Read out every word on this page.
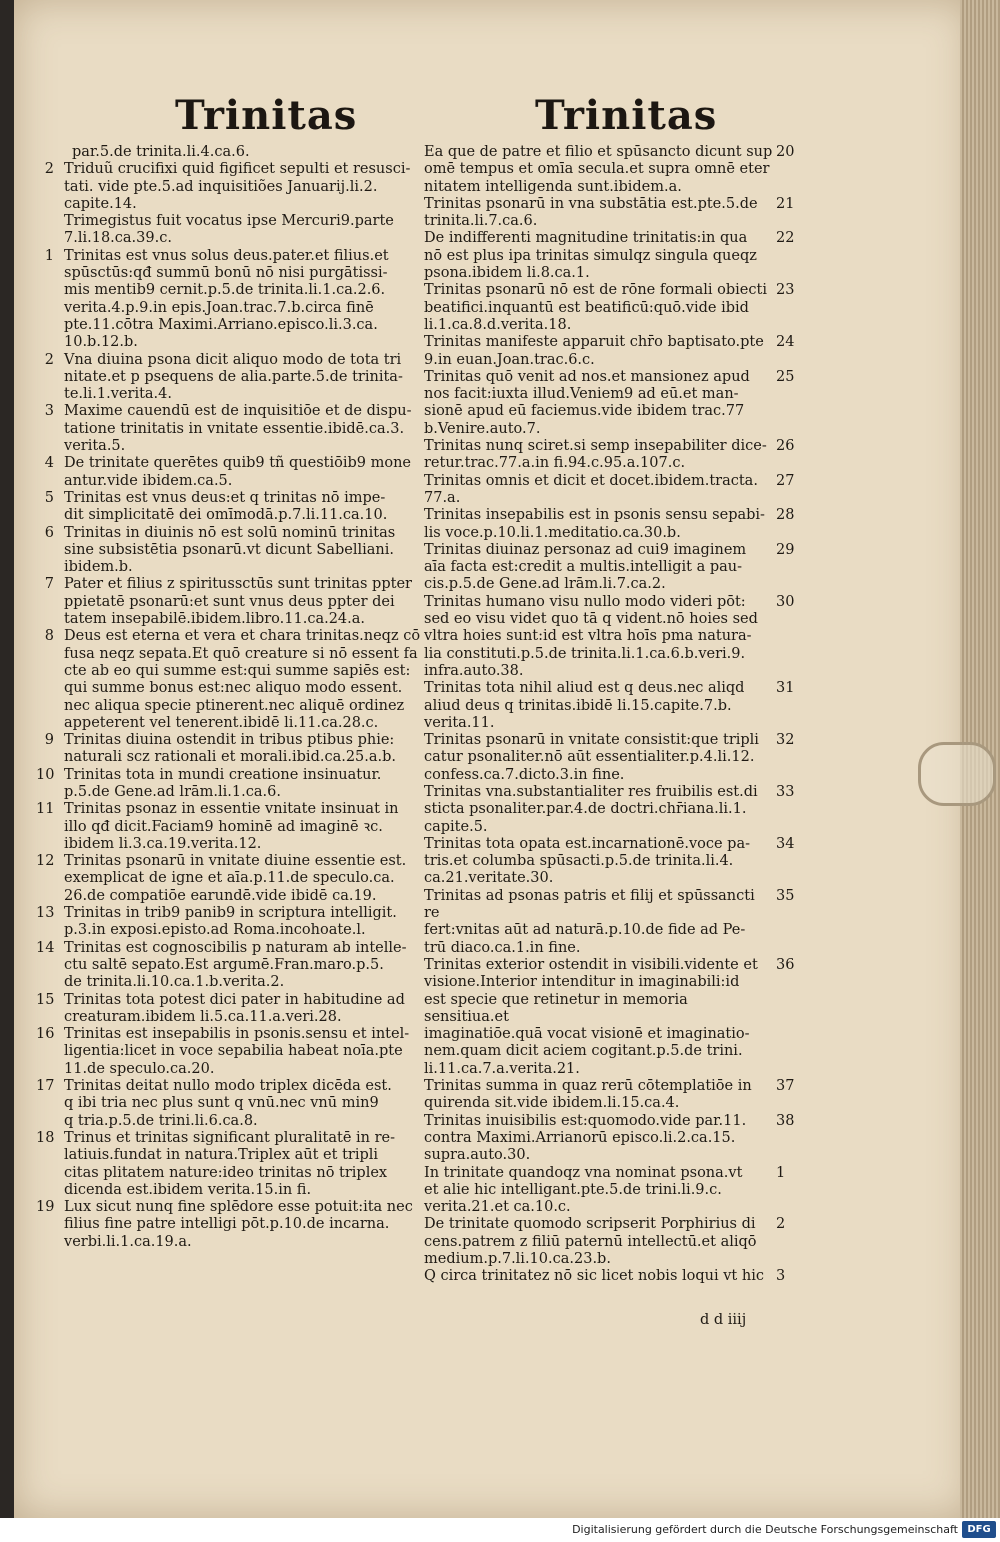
Trinitas	Trinitas
par.5.de trinita.li.4.ca.6.
2 Triduũ crucifixi quid figificet sepulti et resusci-
tati. vide pte.5.ad inquisitiões Januarij.li.2.
capite.14.
Trimegistus fuit vocatus ipse Mercuri9.parte
7.li.18.ca.39.c.
1 Trinitas est vnus solus deus.pater.et filius.et
spūsctūs:qđ summū bonū nō nisi purgātissi-
mis mentib9 cernit.p.5.de trinita.li.1.ca.2.6.
verita.4.p.9.in epis.Joan.trac.7.b.circa finē
pte.11.cōtra Maximi.Arriano.episco.li.3.ca.
10.b.12.b.
2 Vna diuina psona dicit aliquo modo de tota tri
nitate.et p psequens de alia.parte.5.de trinita-
te.li.1.verita.4.
3 Maxime cauendū est de inquisitiōe et de dispu-
tatione trinitatis in vnitate essentie.ibidē.ca.3.
verita.5.
4 De trinitate querētes quib9 tñ questiōib9 mone
antur.vide ibidem.ca.5.
5 Trinitas est vnus deus:et q trinitas nō impe-
dit simplicitatē dei omīmodā.p.7.li.11.ca.10.
6 Trinitas in diuinis nō est solū nominū trinitas
sine subsistētia psonarū.vt dicunt Sabelliani.
ibidem.b.
7 Pater et filius z spiritussctūs sunt trinitas ppter
ppietatē psonarū:et sunt vnus deus ppter dei
tatem insepabilē.ibidem.libro.11.ca.24.a.
8 Deus est eterna et vera et chara trinitas.neqz cō
fusa neqz sepata.Et quō creature si nō essent fa
cte ab eo qui summe est:qui summe sapiēs est:
qui summe bonus est:nec aliquo modo essent.
nec aliqua specie ptinerent.nec aliquē ordinez
appeterent vel tenerent.ibidē li.11.ca.28.c.
9 Trinitas diuina ostendit in tribus ptibus phie:
naturali scz rationali et morali.ibid.ca.25.a.b.
10 Trinitas tota in mundi creatione insinuatur.
p.5.de Gene.ad lrām.li.1.ca.6.
11 Trinitas psonaz in essentie vnitate insinuat in
illo qđ dicit.Faciam9 hominē ad imaginē ꝛc.
ibidem li.3.ca.19.verita.12.
12 Trinitas psonarū in vnitate diuine essentie est.
exemplicat de igne et aīa.p.11.de speculo.ca.
26.de compatiōe earundē.vide ibidē ca.19.
13 Trinitas in trib9 panib9 in scriptura intelligit.
p.3.in exposi.episto.ad Roma.incohoate.l.
14 Trinitas est cognoscibilis p naturam ab intelle-
ctu saltē sepato.Est argumē.Fran.maro.p.5.
de trinita.li.10.ca.1.b.verita.2.
15 Trinitas tota potest dici pater in habitudine ad
creaturam.ibidem li.5.ca.11.a.veri.28.
16 Trinitas est insepabilis in psonis.sensu et intel-
ligentia:licet in voce sepabilia habeat noīa.pte
11.de speculo.ca.20.
17 Trinitas deitat nullo modo triplex dicēda est.
q ibi tria nec plus sunt q vnū.nec vnū min9
q tria.p.5.de trini.li.6.ca.8.
18 Trinus et trinitas significant pluralitatē in re-
latiuis.fundat in natura.Triplex aūt et tripli
citas plitatem nature:ideo trinitas nō triplex
dicenda est.ibidem verita.15.in fi.
19 Lux sicut nunq fine splēdore esse potuit:ita nec
filius fine patre intelligi pōt.p.10.de incarna.
verbi.li.1.ca.19.a.
20
Ea que de patre et filio et spūsancto dicunt sup
omē tempus et omīa secula.et supra omnē eter
nitatem intelligenda sunt.ibidem.a.
21
Trinitas psonarū in vna substātia est.pte.5.de
trinita.li.7.ca.6.
22
De indifferenti magnitudine trinitatis:in qua
nō est plus ipa trinitas simulqz singula queqz
psona.ibidem li.8.ca.1.
23
Trinitas psonarū nō est de rōne formali obiecti
beatifici.inquantū est beatificū:quō.vide ibid
li.1.ca.8.d.verita.18.
24
Trinitas manifeste apparuit chr̄o baptisato.pte
9.in euan.Joan.trac.6.c.
25
Trinitas quō venit ad nos.et mansionez apud
nos facit:iuxta illud.Veniem9 ad eū.et man-
sionē apud eū faciemus.vide ibidem trac.77
b.Venire.auto.7.
26
Trinitas nunq sciret.si semp insepabiliter dice-
retur.trac.77.a.in fi.94.c.95.a.107.c.
27
Trinitas omnis et dicit et docet.ibidem.tracta.
77.a.
28
Trinitas insepabilis est in psonis sensu sepabi-
lis voce.p.10.li.1.meditatio.ca.30.b.
29
Trinitas diuinaz personaz ad cui9 imaginem
aīa facta est:credit a multis.intelligit a pau-
cis.p.5.de Gene.ad lrām.li.7.ca.2.
30
Trinitas humano visu nullo modo videri pōt:
sed eo visu videt quo tā q vident.nō hoies sed
vltra hoies sunt:id est vltra hoīs pma natura-
lia constituti.p.5.de trinita.li.1.ca.6.b.veri.9.
infra.auto.38.
31
Trinitas tota nihil aliud est q deus.nec aliqd
aliud deus q trinitas.ibidē li.15.capite.7.b.
verita.11.
32
Trinitas psonarū in vnitate consistit:que tripli
catur psonaliter.nō aūt essentialiter.p.4.li.12.
confess.ca.7.dicto.3.in fine.
33
Trinitas vna.substantialiter res fruibilis est.di
sticta psonaliter.par.4.de doctri.chr̄iana.li.1.
capite.5.
34
Trinitas tota opata est.incarnationē.voce pa-
tris.et columba spūsacti.p.5.de trinita.li.4.
ca.21.veritate.30.
35
Trinitas ad psonas patris et filij et spūssancti re
fert:vnitas aūt ad naturā.p.10.de fide ad Pe-
trū diaco.ca.1.in fine.
36
Trinitas exterior ostendit in visibili.vidente et
visione.Interior intenditur in imaginabili:id
est specie que retinetur in memoria sensitiua.et
imaginatiōe.quā vocat visionē et imaginatio-
nem.quam dicit aciem cogitant.p.5.de trini.
li.11.ca.7.a.verita.21.
37
Trinitas summa in quaz rerū cōtemplatiōe in
quirenda sit.vide ibidem.li.15.ca.4.
38
Trinitas inuisibilis est:quomodo.vide par.11.
contra Maximi.Arrianorū episco.li.2.ca.15.
supra.auto.30.
1
In trinitate quandoqz vna nominat psona.vt
et alie hic intelligant.pte.5.de trini.li.9.c.
verita.21.et ca.10.c.
2
De trinitate quomodo scripserit Porphirius di
cens.patrem z filiū paternū intellectū.et aliqō
medium.p.7.li.10.ca.23.b.
3
Q circa trinitatez nō sic licet nobis loqui vt hic
d d iiij
Digitalisierung gefördert durch die Deutsche Forschungsgemeinschaft DFG
